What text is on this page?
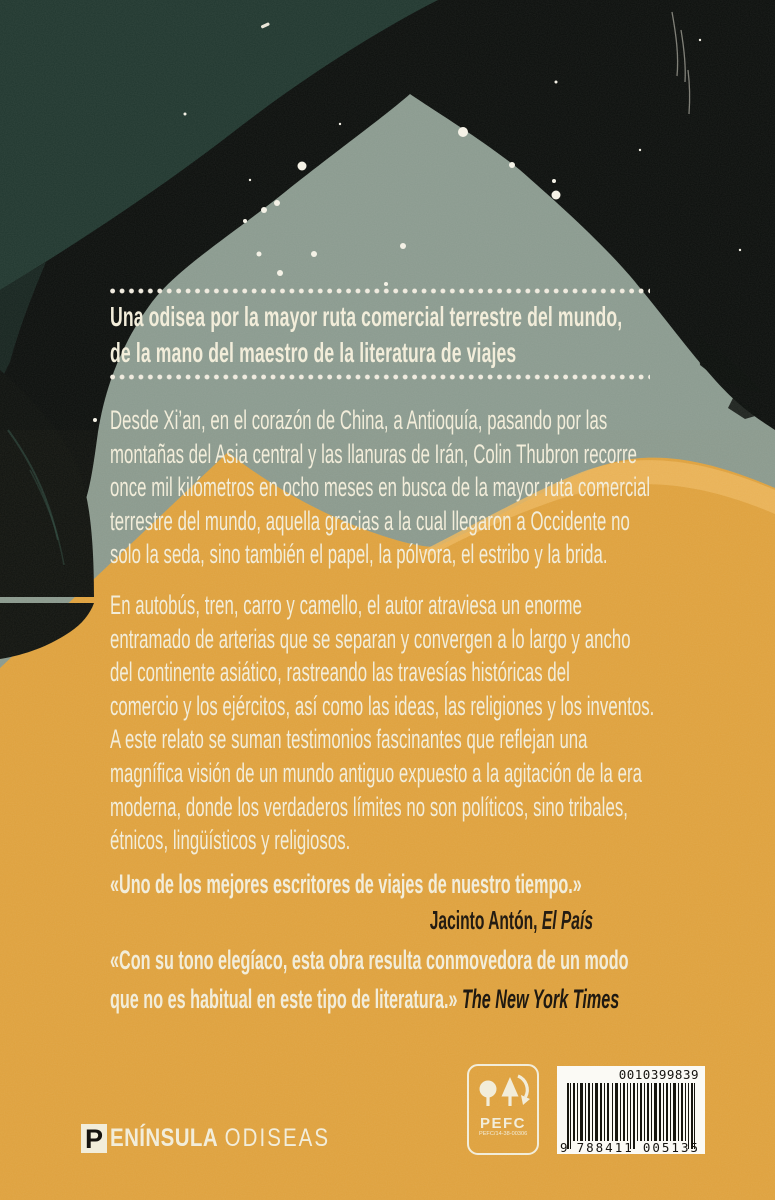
Una odisea por la mayor ruta comercial terrestre del mundo,
de la mano del maestro de la literatura de viajes
Desde Xi’an, en el corazón de China, a Antioquía, pasando por las
montañas del Asia central y las llanuras de Irán, Colin Thubron recorre
once mil kilómetros en ocho meses en busca de la mayor ruta comercial
terrestre del mundo, aquella gracias a la cual llegaron a Occidente no
solo la seda, sino también el papel, la pólvora, el estribo y la brida.
En autobús, tren, carro y camello, el autor atraviesa un enorme
entramado de arterias que se separan y convergen a lo largo y ancho
del continente asiático, rastreando las travesías históricas del
comercio y los ejércitos, así como las ideas, las religiones y los inventos.
A este relato se suman testimonios fascinantes que reflejan una
magnífica visión de un mundo antiguo expuesto a la agitación de la era
moderna, donde los verdaderos límites no son políticos, sino tribales,
étnicos, lingüísticos y religiosos.
«Uno de los mejores escritores de viajes de nuestro tiempo.»
Jacinto Antón, El País
«Con su tono elegíaco, esta obra resulta conmovedora de un modo
que no es habitual en este tipo de literatura.» The New York Times
P ENÍNSULA ODISEAS
PEFC
PEFC/14-38-00306
0010399839
9 788411 005135
